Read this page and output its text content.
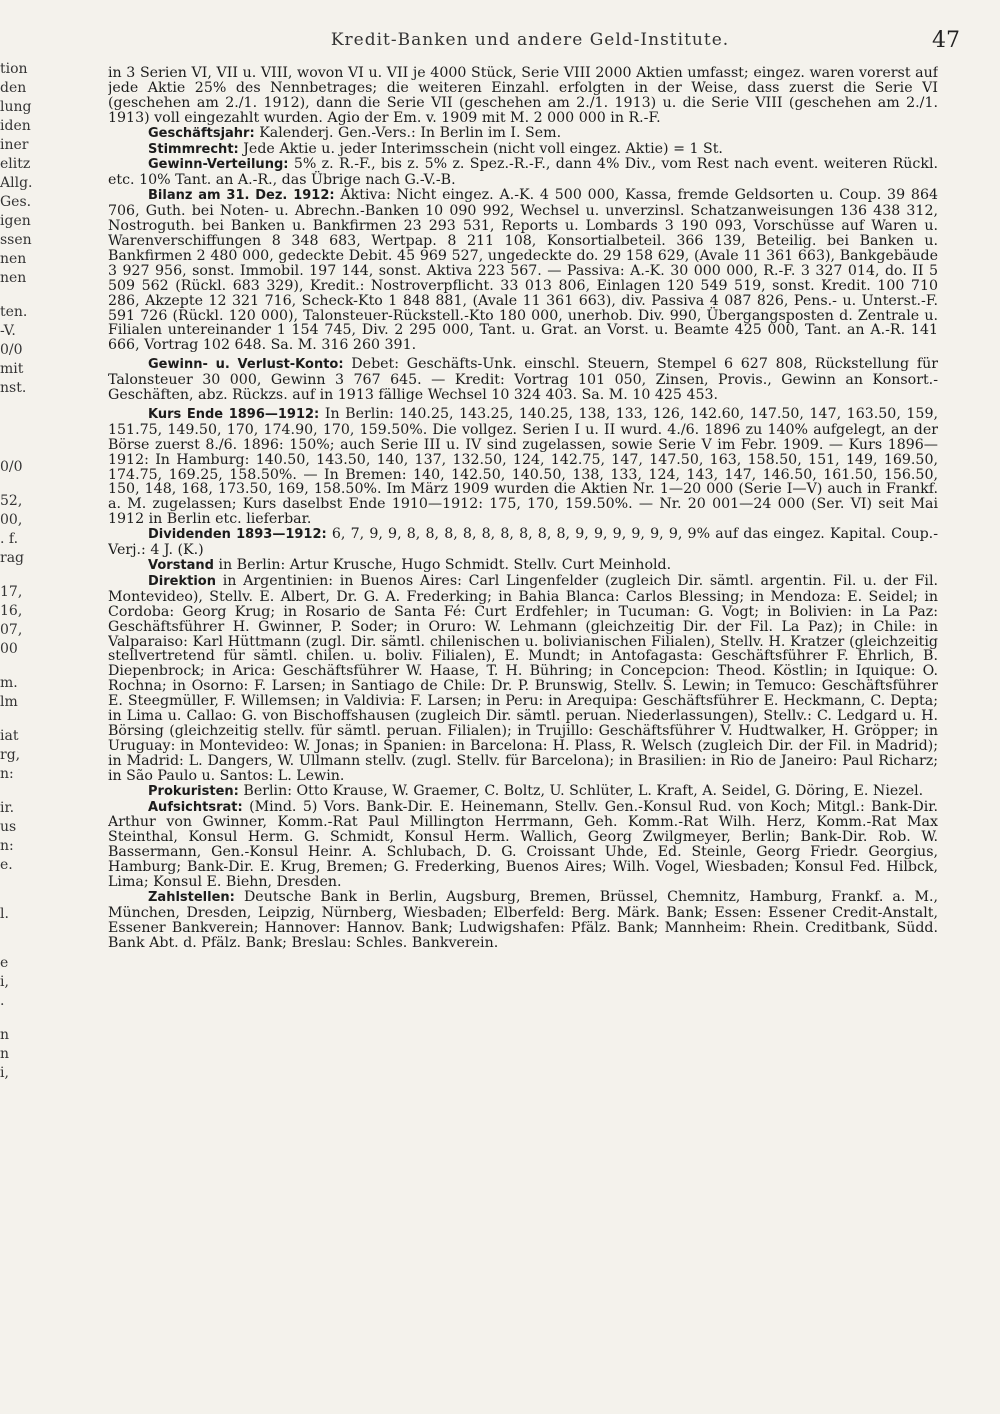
tion
den
lung
iden
iner
elitz
Allg.
Ges.
igen
ssen
nen
nen
ten.
-V.
0/0
mit
nst.
0/0
52,
00,
. f.
rag
17,
16,
07,
00
m.
lm
iat
rg,
n:
ir.
us
n:
e.
l.
e
i,
.
n
n
i,
Kredit-Banken und andere Geld-Institute.	47

in 3 Serien VI, VII u. VIII, wovon VI u. VII je 4000 Stück, Serie VIII 2000 Aktien umfasst; eingez. waren vorerst auf jede Aktie 25% des Nennbetrages; die weiteren Einzahl. erfolgten in der Weise, dass zuerst die Serie VI (geschehen am 2./1. 1912), dann die Serie VII (geschehen am 2./1. 1913) u. die Serie VIII (geschehen am 2./1. 1913) voll eingezahlt wurden. Agio der Em. v. 1909 mit M. 2 000 000 in R.-F.

Geschäftsjahr: Kalenderj. Gen.-Vers.: In Berlin im I. Sem.

Stimmrecht: Jede Aktie u. jeder Interimsschein (nicht voll eingez. Aktie) = 1 St.

Gewinn-Verteilung: 5% z. R.-F., bis z. 5% z. Spez.-R.-F., dann 4% Div., vom Rest nach event. weiteren Rückl. etc. 10% Tant. an A.-R., das Übrige nach G.-V.-B.

Bilanz am 31. Dez. 1912: Aktiva: Nicht eingez. A.-K. 4 500 000, Kassa, fremde Geldsorten u. Coup. 39 864 706, Guth. bei Noten- u. Abrechn.-Banken 10 090 992, Wechsel u. unverzinsl. Schatzanweisungen 136 438 312, Nostroguth. bei Banken u. Bankfirmen 23 293 531, Reports u. Lombards 3 190 093, Vorschüsse auf Waren u. Warenverschiffungen 8 348 683, Wertpap. 8 211 108, Konsortialbeteil. 366 139, Beteilig. bei Banken u. Bankfirmen 2 480 000, gedeckte Debit. 45 969 527, ungedeckte do. 29 158 629, (Avale 11 361 663), Bankgebäude 3 927 956, sonst. Immobil. 197 144, sonst. Aktiva 223 567. — Passiva: A.-K. 30 000 000, R.-F. 3 327 014, do. II 5 509 562 (Rückl. 683 329), Kredit.: Nostroverpflicht. 33 013 806, Einlagen 120 549 519, sonst. Kredit. 100 710 286, Akzepte 12 321 716, Scheck-Kto 1 848 881, (Avale 11 361 663), div. Passiva 4 087 826, Pens.- u. Unterst.-F. 591 726 (Rückl. 120 000), Talonsteuer-Rückstell.-Kto 180 000, unerhob. Div. 990, Übergangsposten d. Zentrale u. Filialen untereinander 1 154 745, Div. 2 295 000, Tant. u. Grat. an Vorst. u. Beamte 425 000, Tant. an A.-R. 141 666, Vortrag 102 648. Sa. M. 316 260 391.

Gewinn- u. Verlust-Konto: Debet: Geschäfts-Unk. einschl. Steuern, Stempel 6 627 808, Rückstellung für Talonsteuer 30 000, Gewinn 3 767 645. — Kredit: Vortrag 101 050, Zinsen, Provis., Gewinn an Konsort.-Geschäften, abz. Rückzs. auf in 1913 fällige Wechsel 10 324 403. Sa. M. 10 425 453.

Kurs Ende 1896—1912: In Berlin: 140.25, 143.25, 140.25, 138, 133, 126, 142.60, 147.50, 147, 163.50, 159, 151.75, 149.50, 170, 174.90, 170, 159.50%. Die vollgez. Serien I u. II wurd. 4./6. 1896 zu 140% aufgelegt, an der Börse zuerst 8./6. 1896: 150%; auch Serie III u. IV sind zugelassen, sowie Serie V im Febr. 1909. — Kurs 1896—1912: In Hamburg: 140.50, 143.50, 140, 137, 132.50, 124, 142.75, 147, 147.50, 163, 158.50, 151, 149, 169.50, 174.75, 169.25, 158.50%. — In Bremen: 140, 142.50, 140.50, 138, 133, 124, 143, 147, 146.50, 161.50, 156.50, 150, 148, 168, 173.50, 169, 158.50%. Im März 1909 wurden die Aktien Nr. 1—20 000 (Serie I—V) auch in Frankf. a. M. zugelassen; Kurs daselbst Ende 1910—1912: 175, 170, 159.50%. — Nr. 20 001—24 000 (Ser. VI) seit Mai 1912 in Berlin etc. lieferbar.

Dividenden 1893—1912: 6, 7, 9, 9, 8, 8, 8, 8, 8, 8, 8, 8, 8, 9, 9, 9, 9, 9, 9, 9% auf das eingez. Kapital. Coup.-Verj.: 4 J. (K.)

Vorstand in Berlin: Artur Krusche, Hugo Schmidt. Stellv. Curt Meinhold.

Direktion in Argentinien: in Buenos Aires: Carl Lingenfelder (zugleich Dir. sämtl. argentin. Fil. u. der Fil. Montevideo), Stellv. E. Albert, Dr. G. A. Frederking; in Bahia Blanca: Carlos Blessing; in Mendoza: E. Seidel; in Cordoba: Georg Krug; in Rosario de Santa Fé: Curt Erdfehler; in Tucuman: G. Vogt; in Bolivien: in La Paz: Geschäftsführer H. Gwinner, P. Soder; in Oruro: W. Lehmann (gleichzeitig Dir. der Fil. La Paz); in Chile: in Valparaiso: Karl Hüttmann (zugl. Dir. sämtl. chilenischen u. bolivianischen Filialen), Stellv. H. Kratzer (gleichzeitig stellvertretend für sämtl. chilen. u. boliv. Filialen), E. Mundt; in Antofagasta: Geschäftsführer F. Ehrlich, B. Diepenbrock; in Arica: Geschäftsführer W. Haase, T. H. Bühring; in Concepcion: Theod. Köstlin; in Iquique: O. Rochna; in Osorno: F. Larsen; in Santiago de Chile: Dr. P. Brunswig, Stellv. S. Lewin; in Temuco: Geschäftsführer E. Steegmüller, F. Willemsen; in Valdivia: F. Larsen; in Peru: in Arequipa: Geschäftsführer E. Heckmann, C. Depta; in Lima u. Callao: G. von Bischoffshausen (zugleich Dir. sämtl. peruan. Niederlassungen), Stellv.: C. Ledgard u. H. Börsing (gleichzeitig stellv. für sämtl. peruan. Filialen); in Trujillo: Geschäftsführer V. Hudtwalker, H. Gröpper; in Uruguay: in Montevideo: W. Jonas; in Spanien: in Barcelona: H. Plass, R. Welsch (zugleich Dir. der Fil. in Madrid); in Madrid: L. Dangers, W. Ullmann stellv. (zugl. Stellv. für Barcelona); in Brasilien: in Rio de Janeiro: Paul Richarz; in São Paulo u. Santos: L. Lewin.

Prokuristen: Berlin: Otto Krause, W. Graemer, C. Boltz, U. Schlüter, L. Kraft, A. Seidel, G. Döring, E. Niezel.

Aufsichtsrat: (Mind. 5) Vors. Bank-Dir. E. Heinemann, Stellv. Gen.-Konsul Rud. von Koch; Mitgl.: Bank-Dir. Arthur von Gwinner, Komm.-Rat Paul Millington Herrmann, Geh. Komm.-Rat Wilh. Herz, Komm.-Rat Max Steinthal, Konsul Herm. G. Schmidt, Konsul Herm. Wallich, Georg Zwilgmeyer, Berlin; Bank-Dir. Rob. W. Bassermann, Gen.-Konsul Heinr. A. Schlubach, D. G. Croissant Uhde, Ed. Steinle, Georg Friedr. Georgius, Hamburg; Bank-Dir. E. Krug, Bremen; G. Frederking, Buenos Aires; Wilh. Vogel, Wiesbaden; Konsul Fed. Hilbck, Lima; Konsul E. Biehn, Dresden.

Zahlstellen: Deutsche Bank in Berlin, Augsburg, Bremen, Brüssel, Chemnitz, Hamburg, Frankf. a. M., München, Dresden, Leipzig, Nürnberg, Wiesbaden; Elberfeld: Berg. Märk. Bank; Essen: Essener Credit-Anstalt, Essener Bankverein; Hannover: Hannov. Bank; Ludwigshafen: Pfälz. Bank; Mannheim: Rhein. Creditbank, Südd. Bank Abt. d. Pfälz. Bank; Breslau: Schles. Bankverein.
